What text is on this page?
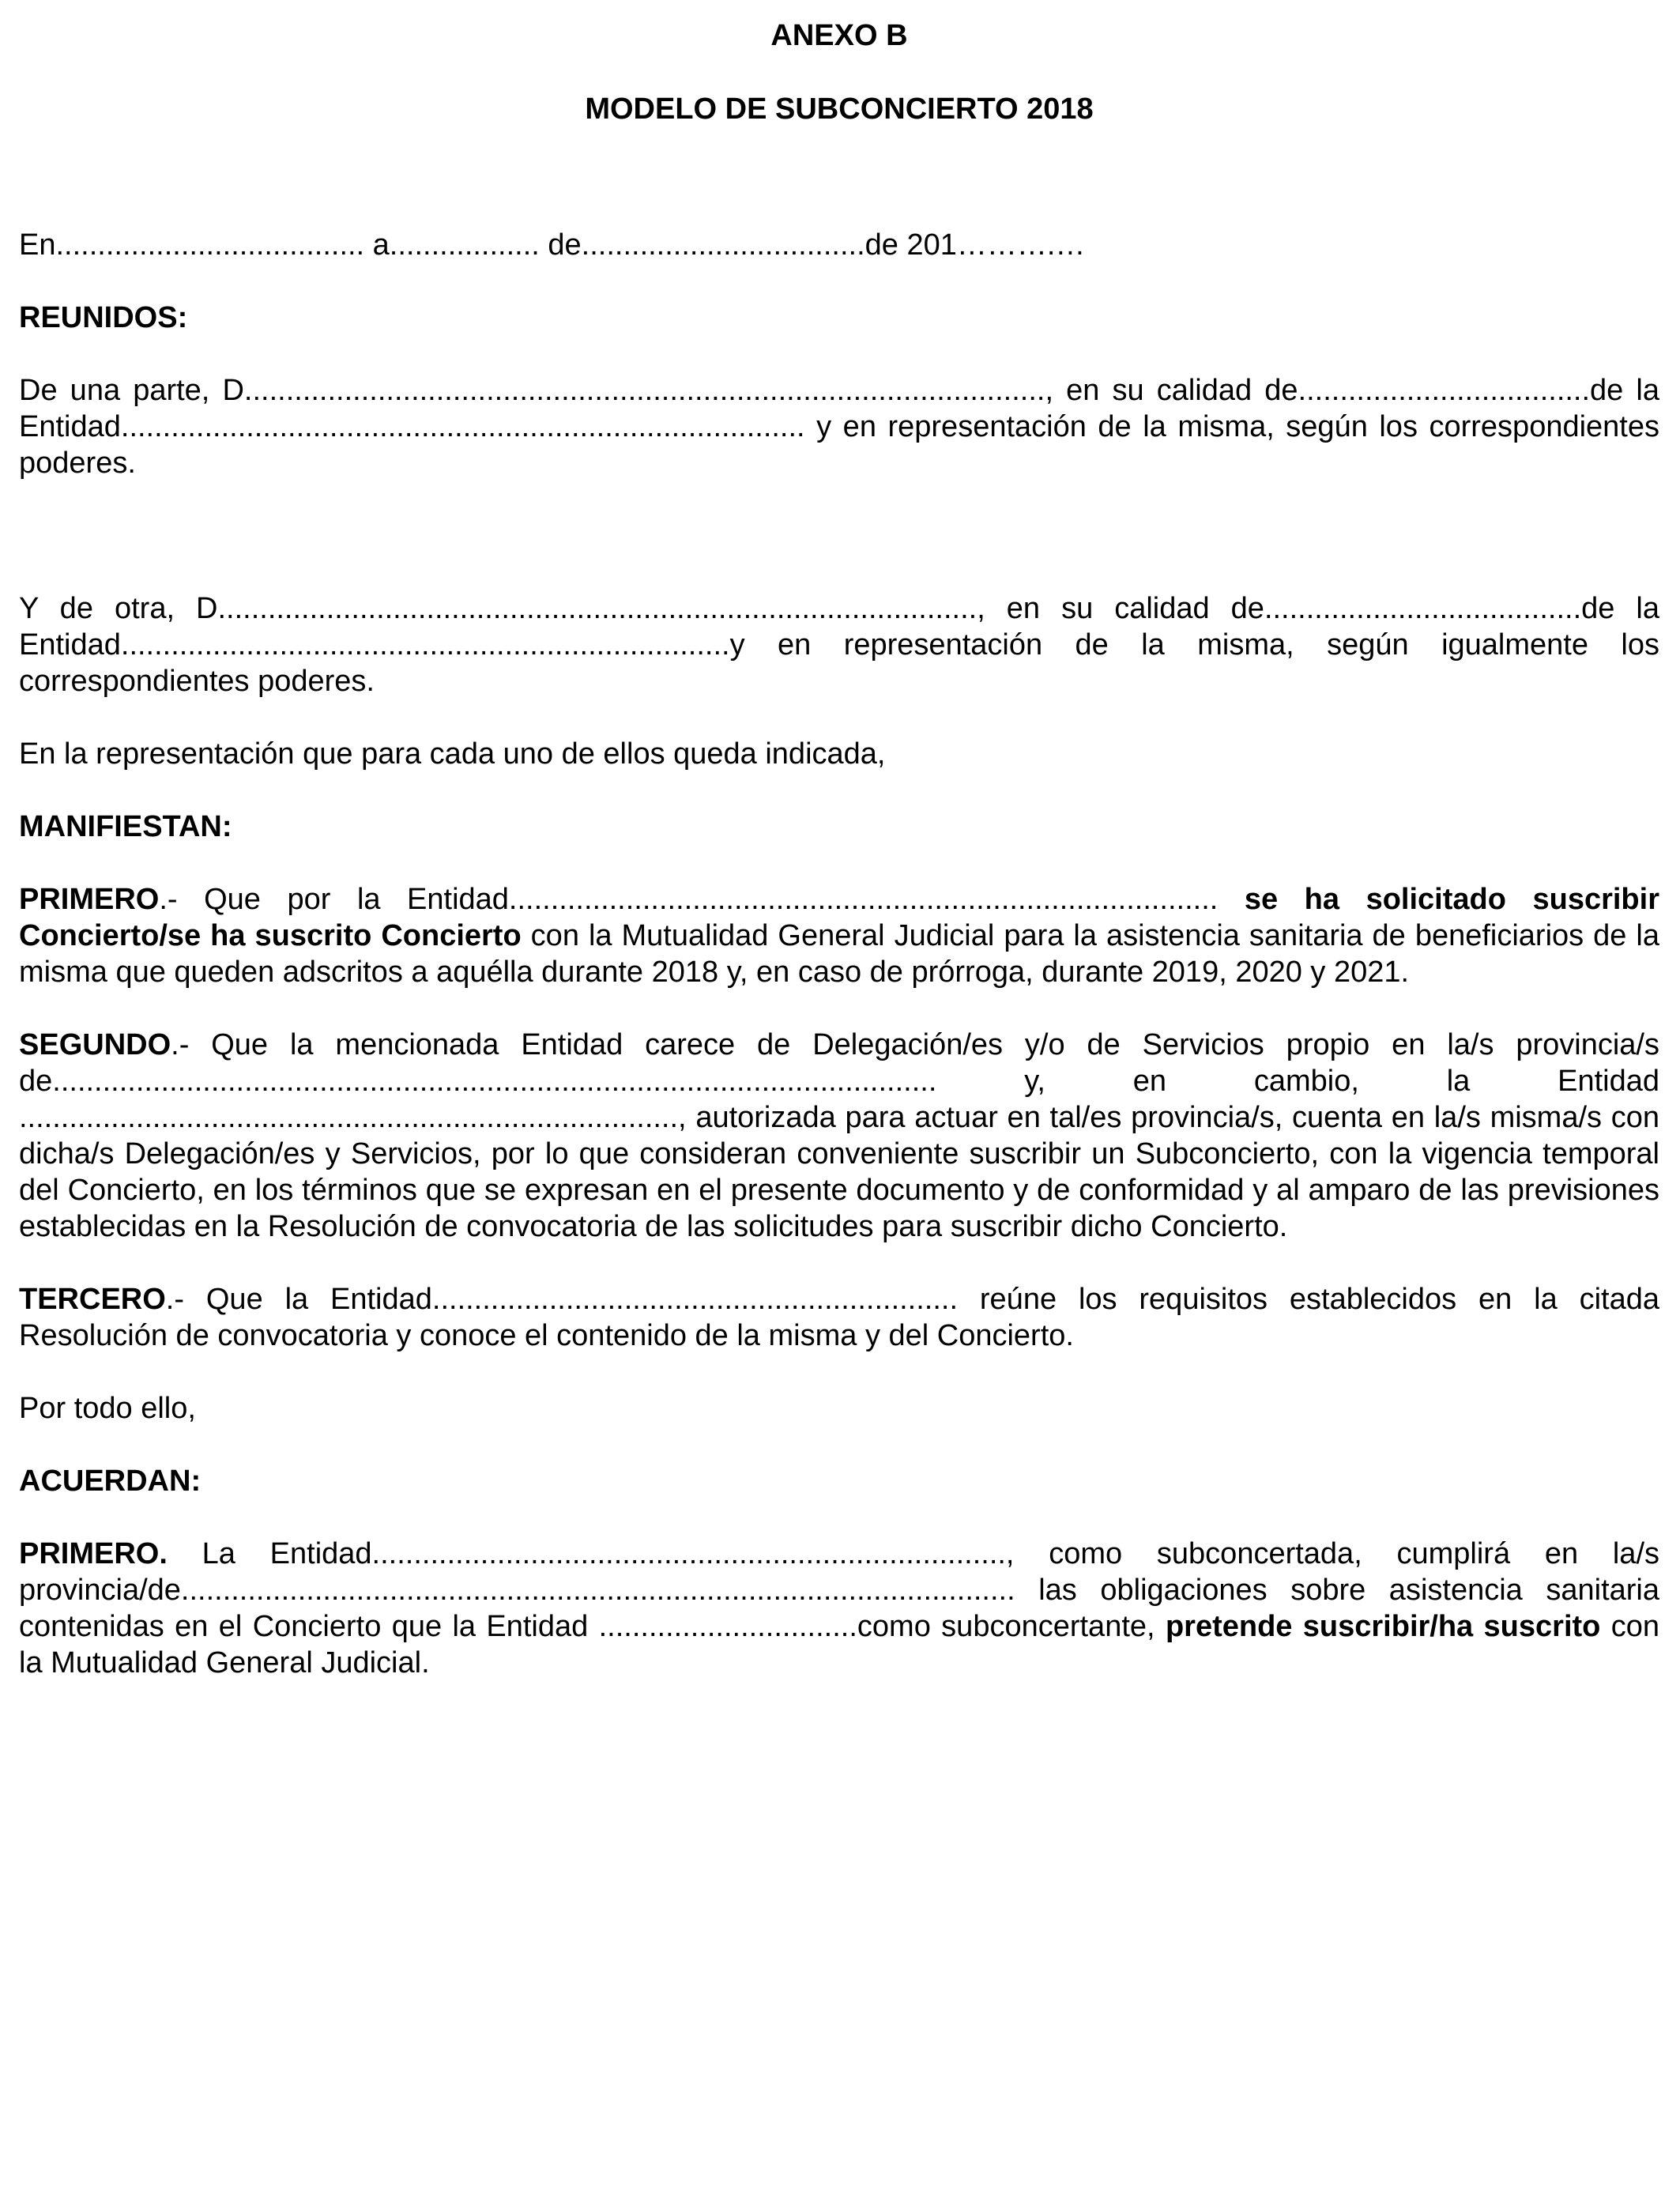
ANEXO B
MODELO DE SUBCONCIERTO 2018

En..................................... a.................. de..................................de 201……….…

REUNIDOS:

De una parte, D................................................................................................, en su calidad de...................................de la Entidad.................................................................................. y en representación de la misma, según los correspondientes poderes.

Y de otra, D..........................................................................................., en su calidad de......................................de la Entidad.........................................................................y en representación de la misma, según igualmente los correspondientes poderes.

En la representación que para cada uno de ellos queda indicada,

MANIFIESTAN:

PRIMERO.- Que por la Entidad..................................................................................... se ha solicitado suscribir Concierto/se ha suscrito Concierto con la Mutualidad General Judicial para la asistencia sanitaria de beneficiarios de la misma que queden adscritos a aquélla durante 2018 y, en caso de prórroga, durante 2019, 2020 y 2021.

SEGUNDO.- Que la mencionada Entidad carece de Delegación/es y/o de Servicios propio en la/s provincia/s de.......................................................................................................... y, en cambio, la Entidad ..............................................................................., autorizada para actuar en tal/es provincia/s, cuenta en la/s misma/s con dicha/s Delegación/es y Servicios, por lo que consideran conveniente suscribir un Subconcierto, con la vigencia temporal del Concierto, en los términos que se expresan en el presente documento y de conformidad y al amparo de las previsiones establecidas en la Resolución de convocatoria de las solicitudes para suscribir dicho Concierto.

TERCERO.- Que la Entidad............................................................... reúne los requisitos establecidos en la citada Resolución de convocatoria y conoce el contenido de la misma y del Concierto.

Por todo ello,

ACUERDAN:

PRIMERO. La Entidad............................................................................, como subconcertada, cumplirá en la/s provincia/de.................................................................................................... las obligaciones sobre asistencia sanitaria contenidas en el Concierto que la Entidad ...............................como subconcertante, pretende suscribir/ha suscrito con la Mutualidad General Judicial.
